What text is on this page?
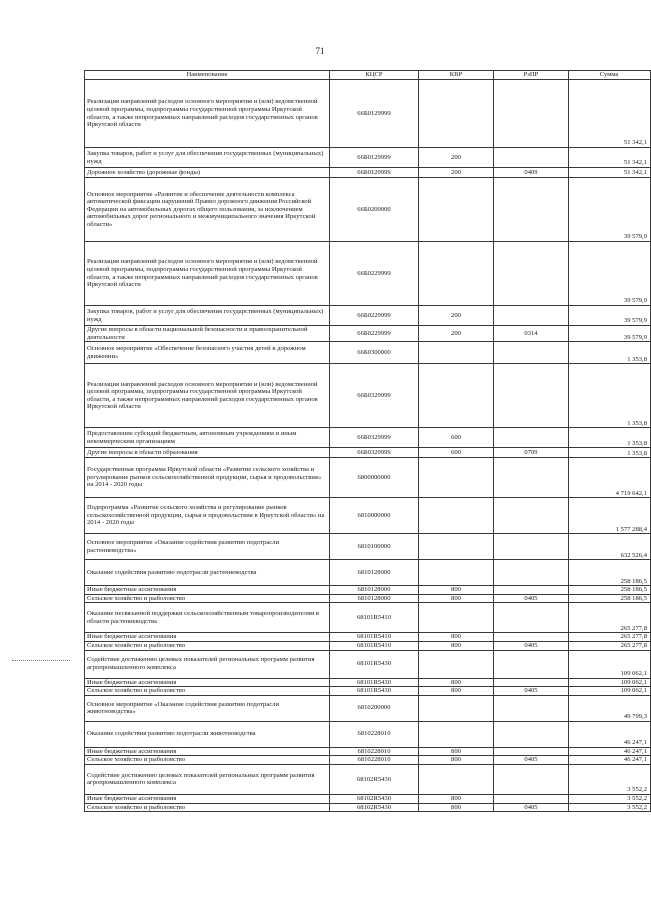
71
Наименование	КЦСР	КВР	РзПР	Сумма
Реализация направлений расходов основного мероприятия и (или) ведомственной целевой программы, подпрограммы государственной программы Иркутской области, а также непрограммных направлений расходов государственных органов Иркутской области	66Б0129999			51 342,1
Закупка товаров, работ и услуг для обеспечения государственных (муниципальных) нужд	66Б0129999	200		51 342,1
Дорожное хозяйство (дорожные фонды)	66Б0129999	200	0409	51 342,1
Основное мероприятие «Развитие и обеспечение деятельности комплекса автоматической фиксации нарушений Правил дорожного движения Российской Федерации на автомобильных дорогах общего пользования, за исключением автомобильных дорог регионального и межмуниципального значения Иркутской области»	66Б0200000			39 579,9
Реализация направлений расходов основного мероприятия и (или) ведомственной целевой программы, подпрограммы государственной программы Иркутской области, а также непрограммных направлений расходов государственных органов Иркутской области	66Б0229999			39 579,9
Закупка товаров, работ и услуг для обеспечения государственных (муниципальных) нужд	66Б0229999	200		39 579,9
Другие вопросы в области национальной безопасности и правоохранительной деятельности	66Б0229999	200	0314	39 579,9
Основное мероприятие «Обеспечение безопасного участия детей в дорожном движении»	66Б0300000			1 353,8
Реализация направлений расходов основного мероприятия и (или) ведомственной целевой программы, подпрограммы государственной программы Иркутской области, а также непрограммных направлений расходов государственных органов Иркутской области	66Б0329999			1 353,8
Предоставление субсидий бюджетным, автономным учреждениям и иным некоммерческим организациям	66Б0329999	600		1 353,8
Другие вопросы в области образования	66Б0329999	600	0709	1 353,8
Государственная программа Иркутской области «Развитие сельского хозяйства и регулирование рынков сельскохозяйственной продукции, сырья и продовольствия» на 2014 - 2020 годы	6800000000			4 719 642,1
Подпрограмма «Развитие сельского хозяйства и регулирование рынков сельскохозяйственной продукции, сырья и продовольствия в Иркутской области» на 2014 - 2020 годы	6810000000			1 577 288,4
Основное мероприятие «Оказание содействия развитию подотрасли растениеводства»	6810100000			632 526,4
Оказание содействия развитию подотрасли растениеводства	6810128000			258 186,5
Иные бюджетные ассигнования	6810128000	800		258 186,5
Сельское хозяйство и рыболовство	6810128000	800	0405	258 186,5
Оказание несвязанной поддержки сельскохозяйственным товаропроизводителям в области растениеводства	68101R5410			265 277,8
Иные бюджетные ассигнования	68101R5410	800		265 277,8
Сельское хозяйство и рыболовство	68101R5410	800	0405	265 277,8
Содействие достижению целевых показателей региональных программ развития агропромышленного комплекса	68101R5430			109 062,1
Иные бюджетные ассигнования	68101R5430	800		109 062,1
Сельское хозяйство и рыболовство	68101R5430	800	0405	109 062,1
Основное мероприятие «Оказание содействия развитию подотрасли животноводства»	6810200000			49 799,3
Оказание содействия развитию подотрасли животноводства	6810228010			46 247,1
Иные бюджетные ассигнования	6810228010	800		46 247,1
Сельское хозяйство и рыболовство	6810228010	800	0405	46 247,1
Содействие достижению целевых показателей региональных программ развития агропромышленного комплекса	68102R5430			3 552,2
Иные бюджетные ассигнования	68102R5430	800		3 552,2
Сельское хозяйство и рыболовство	68102R5430	800	0405	3 552,2
